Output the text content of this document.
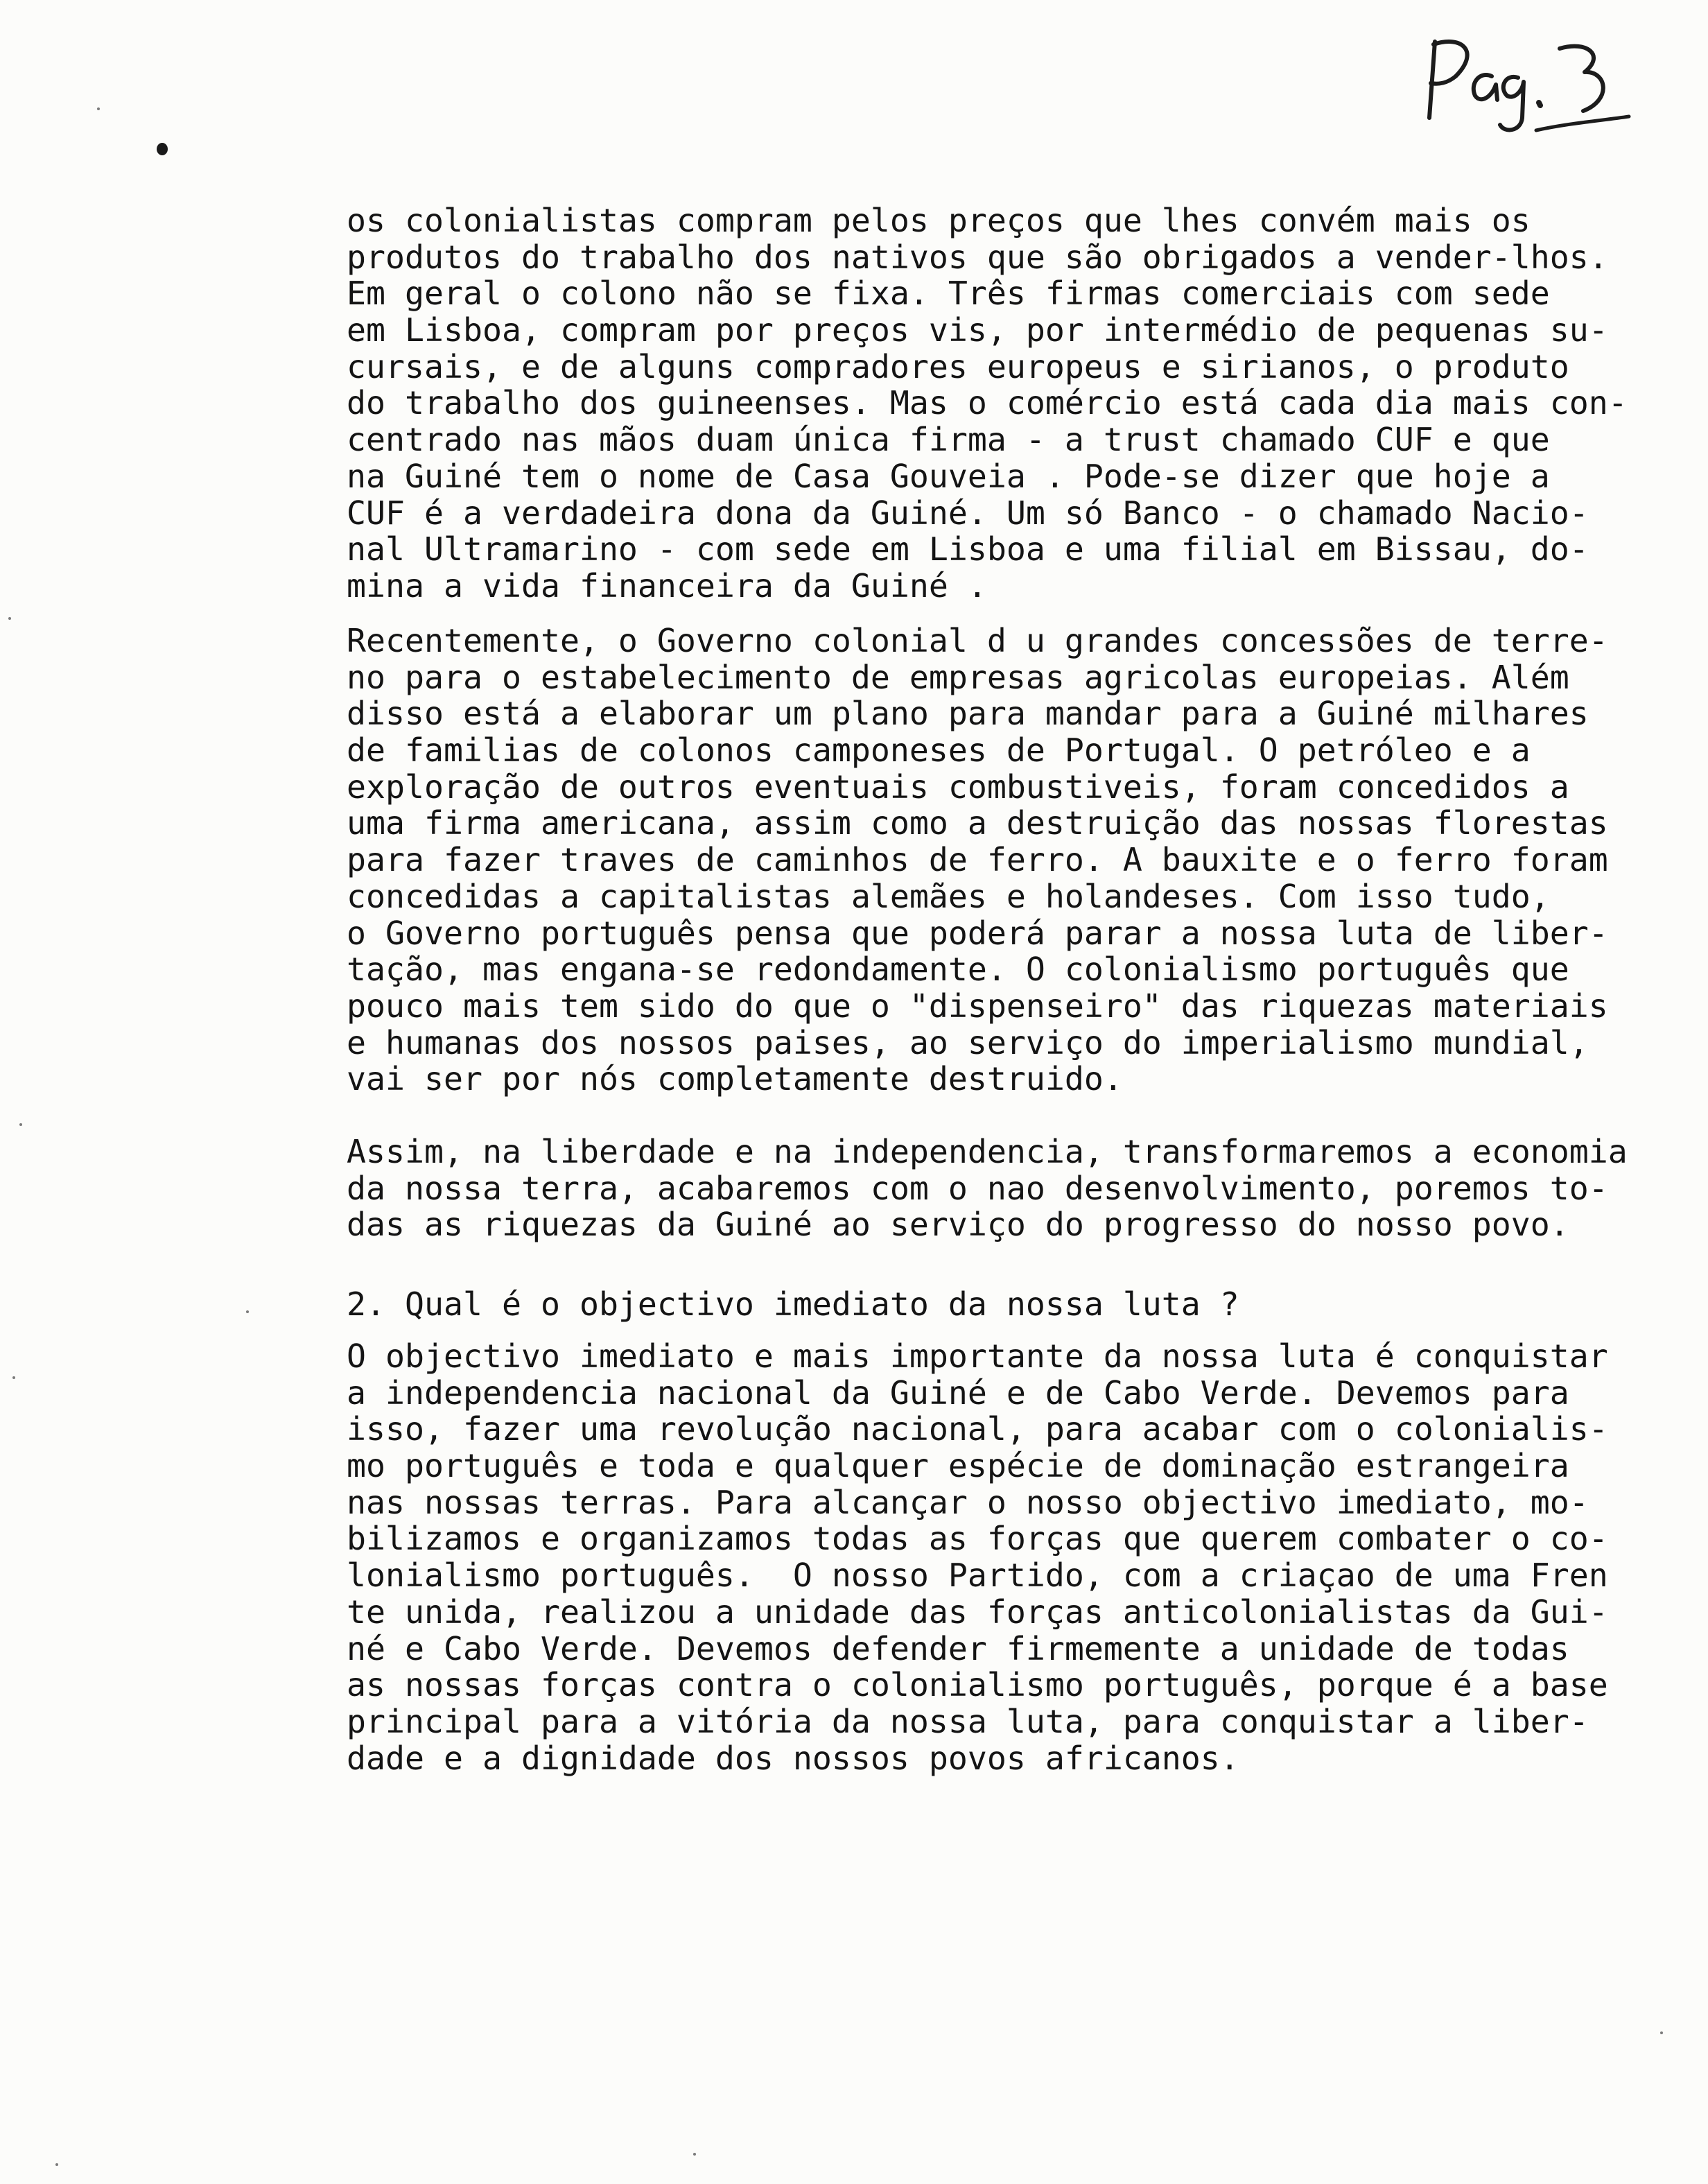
os colonialistas compram pelos preços que lhes convém mais os
produtos do trabalho dos nativos que são obrigados a vender-lhos.
Em geral o colono não se fixa. Três firmas comerciais com sede
em Lisboa, compram por preços vis, por intermédio de pequenas su-
cursais, e de alguns compradores europeus e sirianos, o produto
do trabalho dos guineenses. Mas o comércio está cada dia mais con-
centrado nas mãos duam única firma - a trust chamado CUF e que
na Guiné tem o nome de Casa Gouveia . Pode-se dizer que hoje a
CUF é a verdadeira dona da Guiné. Um só Banco - o chamado Nacio-
nal Ultramarino - com sede em Lisboa e uma filial em Bissau, do-
mina a vida financeira da Guiné .
Recentemente, o Governo colonial d u grandes concessões de terre-
no para o estabelecimento de empresas agricolas europeias. Além
disso está a elaborar um plano para mandar para a Guiné milhares
de familias de colonos camponeses de Portugal. O petróleo e a
exploração de outros eventuais combustiveis, foram concedidos a
uma firma americana, assim como a destruição das nossas florestas
para fazer traves de caminhos de ferro. A bauxite e o ferro foram
concedidas a capitalistas alemães e holandeses. Com isso tudo,
o Governo português pensa que poderá parar a nossa luta de liber-
tação, mas engana-se redondamente. O colonialismo português que
pouco mais tem sido do que o "dispenseiro" das riquezas materiais
e humanas dos nossos paises, ao serviço do imperialismo mundial,
vai ser por nós completamente destruido.
Assim, na liberdade e na independencia, transformaremos a economia
da nossa terra, acabaremos com o nao desenvolvimento, poremos to-
das as riquezas da Guiné ao serviço do progresso do nosso povo.
2. Qual é o objectivo imediato da nossa luta ?
O objectivo imediato e mais importante da nossa luta é conquistar
a independencia nacional da Guiné e de Cabo Verde. Devemos para
isso, fazer uma revolução nacional, para acabar com o colonialis-
mo português e toda e qualquer espécie de dominação estrangeira
nas nossas terras. Para alcançar o nosso objectivo imediato, mo-
bilizamos e organizamos todas as forças que querem combater o co-
lonialismo português.  O nosso Partido, com a criaçao de uma Fren
te unida, realizou a unidade das forças anticolonialistas da Gui-
né e Cabo Verde. Devemos defender firmemente a unidade de todas
as nossas forças contra o colonialismo português, porque é a base
principal para a vitória da nossa luta, para conquistar a liber-
dade e a dignidade dos nossos povos africanos.
